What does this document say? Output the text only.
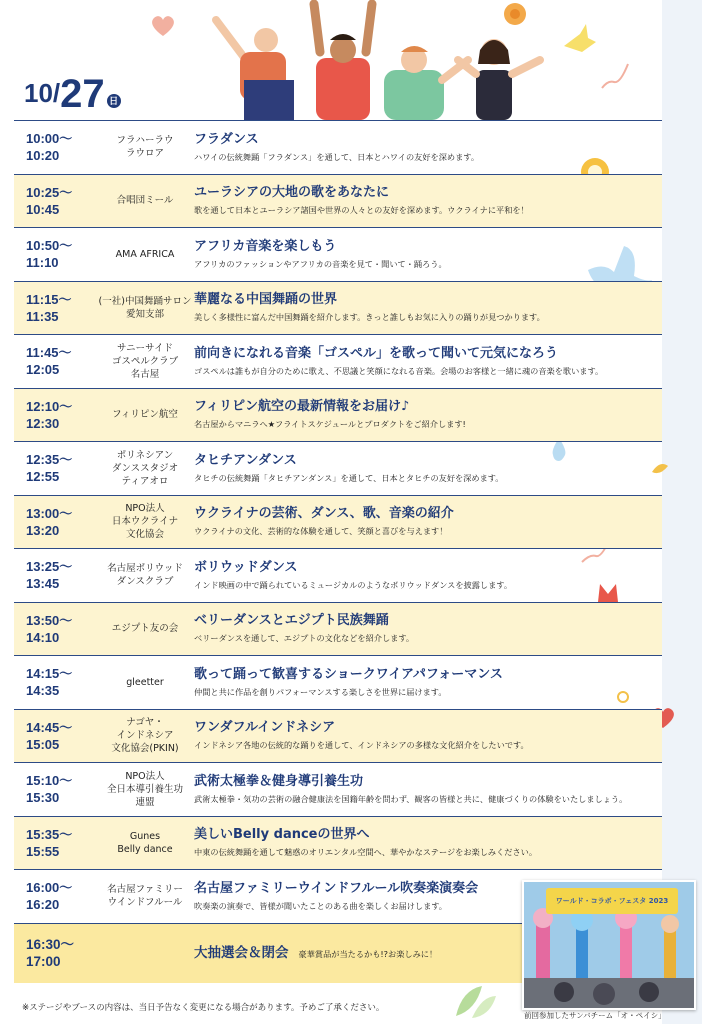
10/27 日
10:00～
10:20
フラハーラウ
ラウロア
フラダンス
ハワイの伝統舞踊「フラダンス」を通して、日本とハワイの友好を深めます。
10:25～
10:45
合唱団ミール
ユーラシアの大地の歌をあなたに
歌を通して日本とユーラシア諸国や世界の人々との友好を深めます。ウクライナに平和を！
10:50～
11:10
AMA AFRICA
アフリカ音楽を楽しもう
アフリカのファッションやアフリカの音楽を見て・聞いて・踊ろう。
11:15～
11:35
(一社)中国舞踊サロン
愛知支部
華麗なる中国舞踊の世界
美しく多様性に富んだ中国舞踊を紹介します。きっと誰しもお気に入りの踊りが見つかります。
11:45～
12:05
サニーサイド
ゴスペルクラブ
名古屋
前向きになれる音楽「ゴスペル」を歌って聞いて元気になろう
ゴスペルは誰もが自分のために歌え、不思議と笑顔になれる音楽。会場のお客様と一緒に魂の音楽を歌います。
12:10～
12:30
フィリピン航空
フィリピン航空の最新情報をお届け♪
名古屋からマニラへ★フライトスケジュールとプロダクトをご紹介します!
12:35～
12:55
ポリネシアン
ダンススタジオ
ティアオロ
タヒチアンダンス
タヒチの伝統舞踊「タヒチアンダンス」を通して、日本とタヒチの友好を深めます。
13:00～
13:20
NPO法人
日本ウクライナ
文化協会
ウクライナの芸術、ダンス、歌、音楽の紹介
ウクライナの文化、芸術的な体験を通して、笑顔と喜びを与えます！
13:25～
13:45
名古屋ボリウッド
ダンスクラブ
ボリウッドダンス
インド映画の中で踊られているミュージカルのようなボリウッドダンスを披露します。
13:50～
14:10
エジプト友の会
ベリーダンスとエジプト民族舞踊
ベリーダンスを通して、エジプトの文化などを紹介します。
14:15～
14:35
gleetter
歌って踊って歓喜するショークワイアパフォーマンス
仲間と共に作品を創りパフォーマンスする楽しさを世界に届けます。
14:45～
15:05
ナゴヤ・
インドネシア
文化協会(PKIN)
ワンダフルインドネシア
インドネシア各地の伝統的な踊りを通して、インドネシアの多様な文化紹介をしたいです。
15:10～
15:30
NPO法人
全日本導引養生功
連盟
武術太極拳＆健身導引養生功
武術太極拳・気功の芸術の融合健康法を国籍年齢を問わず、観客の皆様と共に、健康づくりの体験をいたしましょう。
15:35～
15:55
Gunes
Belly dance
美しいBelly danceの世界へ
中東の伝統舞踊を通して魅惑のオリエンタル空間へ、華やかなステージをお楽しみください。
16:00～
16:20
名古屋ファミリー
ウインドフルール
名古屋ファミリーウインドフルール吹奏楽演奏会
吹奏楽の演奏で、皆様が聞いたことのある曲を楽しくお届けします。
16:30～
17:00
大抽選会＆閉会 豪華賞品が当たるかも!?お楽しみに！
※ステージやブースの内容は、当日予告なく変更になる場合があります。予めご了承ください。
ワールド・コラボ・フェスタ 2023
前回参加したサンバチーム「オ・ペイシ」
